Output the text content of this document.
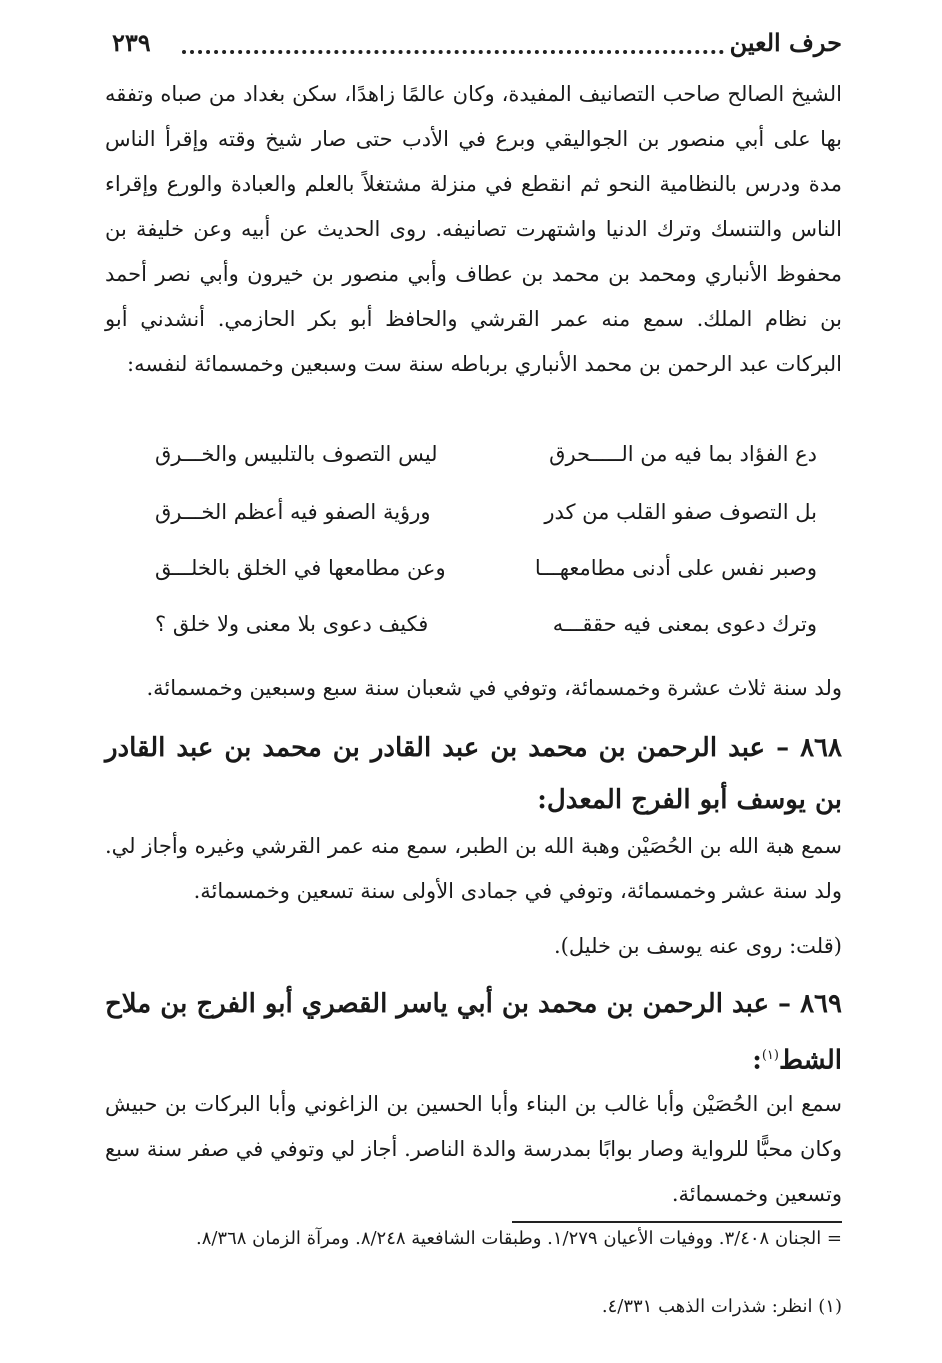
حرف العين
٢٣٩

الشيخ الصالح صاحب التصانيف المفيدة، وكان عالمًا زاهدًا، سكن بغداد من صباه وتفقه بها على أبي منصور بن الجواليقي وبرع في الأدب حتى صار شيخ وقته وإقرأ الناس مدة ودرس بالنظامية النحو ثم انقطع في منزلة مشتغلاً بالعلم والعبادة والورع وإقراء الناس والتنسك وترك الدنيا واشتهرت تصانيفه. روى الحديث عن أبيه وعن خليفة بن محفوظ الأنباري ومحمد بن محمد بن عطاف وأبي منصور بن خيرون وأبي نصر أحمد بن نظام الملك. سمع منه عمر القرشي والحافظ أبو بكر الحازمي. أنشدني أبو البركات عبد الرحمن بن محمد الأنباري برباطه سنة ست وسبعين وخمسمائة لنفسه:

دع الفؤاد بما فيه من الـــــحرق
ليس التصوف بالتلبيس والخـــرق
بل التصوف صفو القلب من كدر
ورؤية الصفو فيه أعظم الخـــرق
وصبر نفس على أدنى مطامعهـــا
وعن مطامعها في الخلق بالخلـــق
وترك دعوى بمعنى فيه حققـــه
فكيف دعوى بلا معنى ولا خلق ؟

ولد سنة ثلاث عشرة وخمسمائة، وتوفي في شعبان سنة سبع وسبعين وخمسمائة.

٨٦٨ – عبد الرحمن بن محمد بن عبد القادر بن محمد بن عبد القادر بن يوسف أبو الفرج المعدل:

سمع هبة الله بن الحُصَيْن وهبة الله بن الطبر، سمع منه عمر القرشي وغيره وأجاز لي. ولد سنة عشر وخمسمائة، وتوفي في جمادى الأولى سنة تسعين وخمسمائة.

(قلت: روى عنه يوسف بن خليل).

٨٦٩ – عبد الرحمن بن محمد بن أبي ياسر القصري أبو الفرج بن ملاح الشط$^{(١)}$:

سمع ابن الحُصَيْن وأبا غالب بن البناء وأبا الحسين بن الزاغوني وأبا البركات بن حبيش وكان محبًّا للرواية وصار بوابًا بمدرسة والدة الناصر. أجاز لي وتوفي في صفر سنة سبع وتسعين وخمسمائة.

= الجنان ٣/٤٠٨. ووفيات الأعيان ١/٢٧٩. وطبقات الشافعية ٨/٢٤٨. ومرآة الزمان ٨/٣٦٨.

(١) انظر: شذرات الذهب ٤/٣٣١.
